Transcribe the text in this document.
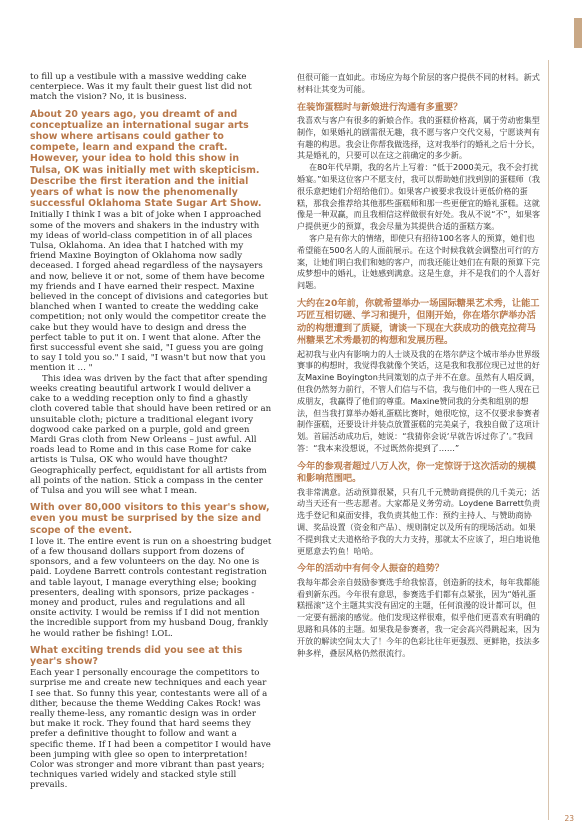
to fill up a vestibule with a massive wedding cake centerpiece. Was it my fault their guest list did not match the vision? No, it is business.

About 20 years ago, you dreamt of and conceptualize an international sugar arts show where artisans could gather to compete, learn and expand the craft. However, your idea to hold this show in Tulsa, OK was initially met with skepticism. Describe the first iteration and the initial years of what is now the phenomenally successful Oklahoma State Sugar Art Show.

Initially I think I was a bit of joke when I approached some of the movers and shakers in the industry with my ideas of world-class competition in of all places Tulsa, Oklahoma. An idea that I hatched with my friend Maxine Boyington of Oklahoma now sadly deceased. I forged ahead regardless of the naysayers and now, believe it or not, some of them have become my friends and I have earned their respect. Maxine believed in the concept of divisions and categories but blanched when I wanted to create the wedding cake competition; not only would the competitor create the cake but they would have to design and dress the perfect table to put it on. I went that alone. After the first successful event she said, "I guess you are going to say I told you so." I said, "I wasn't but now that you mention it … "

This idea was driven by the fact that after spending weeks creating beautiful artwork I would deliver a cake to a wedding reception only to find a ghastly cloth covered table that should have been retired or an unsuitable cloth; picture a traditional elegant ivory dogwood cake parked on a purple, gold and green Mardi Gras cloth from New Orleans – just awful. All roads lead to Rome and in this case Rome for cake artists is Tulsa, OK who would have thought? Geographically perfect, equidistant for all artists from all points of the nation. Stick a compass in the center of Tulsa and you will see what I mean.

With over 80,000 visitors to this year's show, even you must be surprised by the size and scope of the event.

I love it. The entire event is run on a shoestring budget of a few thousand dollars support from dozens of sponsors, and a few volunteers on the day. No one is paid. Loydene Barrett controls contestant registration and table layout, I manage everything else; booking presenters, dealing with sponsors, prize packages - money and product, rules and regulations and all onsite activity. I would be remiss if I did not mention the incredible support from my husband Doug, frankly he would rather be fishing! LOL.

What exciting trends did you see at this year's show?

Each year I personally encourage the competitors to surprise me and create new techniques and each year I see that. So funny this year, contestants were all of a dither, because the theme Wedding Cakes Rock! was really theme-less, any romantic design was in order but make it rock. They found that hard seems they prefer a definitive thought to follow and want a specific theme. If I had been a competitor I would have been jumping with glee so open to interpretation! Color was stronger and more vibrant than past years; techniques varied widely and stacked style still prevails.

但很可能一直如此。市场应为每个阶层的客户提供不同的材料。新式材料让其变为可能。

在装饰蛋糕时与新娘进行沟通有多重要？

我喜欢与客户有很多的新娘合作。我的蛋糕价格高，属于劳动密集型制作，如果婚礼的剧需很无趣，我不愿与客户交代交易，宁愿谈判有有趣的构思。我会让你帮我做选择，这对我举行的婚礼之后十分长，其是婚礼的，只要可以在这之前确定的多少新。

在80年代早期，我的名片上写着：“低于2000美元，我不会打扰婚宴。”如果这位客户不愿支付，我可以帮助她们找到别的蛋糕师（我很乐意把她们介绍给他们）。如果客户被要求我设计更低价格的蛋糕，那我会推荐给其他那些蛋糕师和那一些更便宜的婚礼蛋糕。这就像是一种双赢，而且我相信这样做很有好处。我从不说“不”，如果客户提供更少的预算，我会尽量为其提供合适的蛋糕方案。

客户是有你大的情绪，即使只有招待100名客人的预算，她们也希望能在500名人的人面前展示。在这个时候我就会调整出可行的方案，让她们明白我们和她的客户，而我还能让她们在有限的预算下完成梦想中的婚礼，让她感到满意。这是生意，并不是我们的个人喜好问题。

大约在20年前，你就希望举办一场国际糖果艺术秀，让能工巧匠互相切磋、学习和提升，但刚开始，你在塔尔萨举办活动的构想遭到了质疑，请谈一下现在大获成功的俄克拉荷马州糖果艺术秀最初的构想和发展历程。

起初我与业内有影响力的人士谈及我的在塔尔萨这个城市举办世界级赛事的构想时，我觉得我就像个笑话，这是我和我那位现已过世的好友Maxine Boyington共同策划的点子并不在意。虽然有人唱反调，但我仍然努力前行，不管人们信与不信，我与他们中的一些人现在已成朋友，我赢得了他们的尊重。Maxine赞同我的分类和组别的想法，但当我打算举办婚礼蛋糕比赛时，她很吃惊，这不仅要求参赛者制作蛋糕，还要设计并装点放置蛋糕的完美桌子，我独自做了这项计划。首届活动成功后，她说：“我猜你会说‘早就告诉过你了’。”我回答：“我本来没想说，不过既然你提到了……”

今年的参观者超过八万人次，你一定惊讶于这次活动的规模和影响范围吧。

我非常满意。活动预算很紧，只有几千元赞助商提供的几千美元；活动当天还有一些志愿者。大家都是义务劳动。Loydene Barrett负责选手登记和桌面安排，我负责其他工作：预约主持人、与赞助商协调、奖品设置（资金和产品）、规则制定以及所有的现场活动。如果不提到我丈夫道格给予我的大力支持，那就太不应该了，坦白地说他更愿意去钓鱼！哈哈。

今年的活动中有何令人振奋的趋势？

我每年都会亲自鼓励参赛选手给我惊喜，创造新的技术，每年我都能看到新东西。今年很有意思，参赛选手们都有点紧张，因为“婚礼蛋糕摇滚”这个主题其实没有固定的主题，任何浪漫的设计都可以，但一定要有摇滚的感觉。他们发现这样很难，似乎他们更喜欢有明确的思路和具体的主题。如果我是参赛者，我一定会高兴得跳起来，因为开放的解读空间太大了！今年的色彩比往年更强烈、更鲜艳，技法多种多样，叠层风格仍然很流行。

23
